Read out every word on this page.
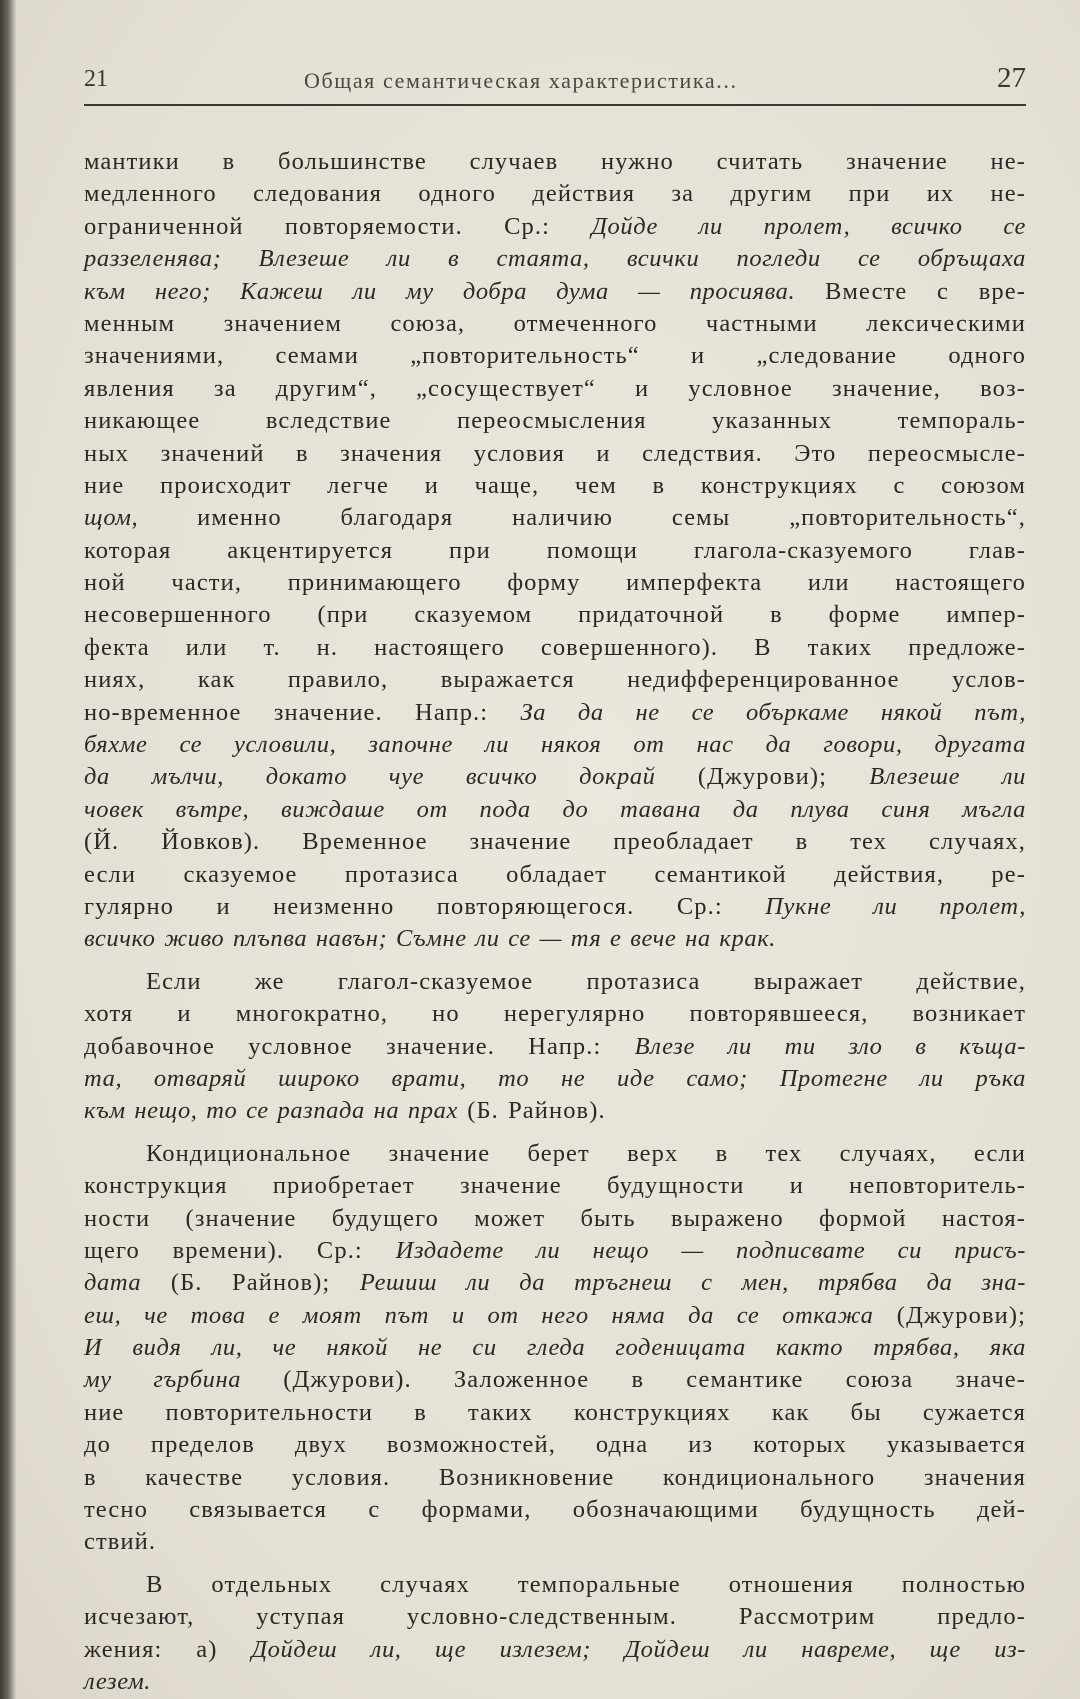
21	Общая семантическая характеристика...	27
мантики в большинстве случаев нужно считать значение не-
медленного следования одного действия за другим при их не-
ограниченной повторяемости. Ср.: Дойде ли пролет, всичко се
раззеленява; Влезеше ли в стаята, всички погледи се обръщаха
към него; Кажеш ли му добра дума — просиява. Вместе с вре-
менным значением союза, отмеченного частными лексическими
значениями, семами „повторительность“ и „следование одного
явления за другим“, „сосуществует“ и условное значение, воз-
никающее вследствие переосмысления указанных темпораль-
ных значений в значения условия и следствия. Это переосмысле-
ние происходит легче и чаще, чем в конструкциях с союзом
щом, именно благодаря наличию семы „повторительность“,
которая акцентируется при помощи глагола-сказуемого глав-
ной части, принимающего форму имперфекта или настоящего
несовершенного (при сказуемом придаточной в форме импер-
фекта или т. н. настоящего совершенного). В таких предложе-
ниях, как правило, выражается недифференцированное услов-
но-временное значение. Напр.: За да не се объркаме някой път,
бяхме се условили, започне ли някоя от нас да говори, другата
да мълчи, докато чуе всичко докрай (Джурови); Влезеше ли
човек вътре, виждаше от пода до тавана да плува синя мъгла
(Й. Йовков). Временное значение преобладает в тех случаях,
если сказуемое протазиса обладает семантикой действия, ре-
гулярно и неизменно повторяющегося. Ср.: Пукне ли пролет,
всичко живо плъпва навън; Съмне ли се — тя е вече на крак.
Если же глагол-сказуемое протазиса выражает действие,
хотя и многократно, но нерегулярно повторявшееся, возникает
добавочное условное значение. Напр.: Влезе ли ти зло в къща-
та, отваряй широко врати, то не иде само; Протегне ли ръка
към нещо, то се разпада на прах (Б. Райнов).
Кондициональное значение берет верх в тех случаях, если
конструкция приобретает значение будущности и неповторитель-
ности (значение будущего может быть выражено формой настоя-
щего времени). Ср.: Издадете ли нещо — подписвате си присъ-
дата (Б. Райнов); Решиш ли да тръгнеш с мен, трябва да зна-
еш, че това е моят път и от него няма да се откажа (Джурови);
И видя ли, че някой не си гледа годеницата както трябва, яка
му гърбина (Джурови). Заложенное в семантике союза значе-
ние повторительности в таких конструкциях как бы сужается
до пределов двух возможностей, одна из которых указывается
в качестве условия. Возникновение кондиционального значения
тесно связывается с формами, обозначающими будущность дей-
ствий.
В отдельных случаях темпоральные отношения полностью
исчезают, уступая условно-следственным. Рассмотрим предло-
жения: а) Дойдеш ли, ще излезем; Дойдеш ли навреме, ще из-
лезем.
